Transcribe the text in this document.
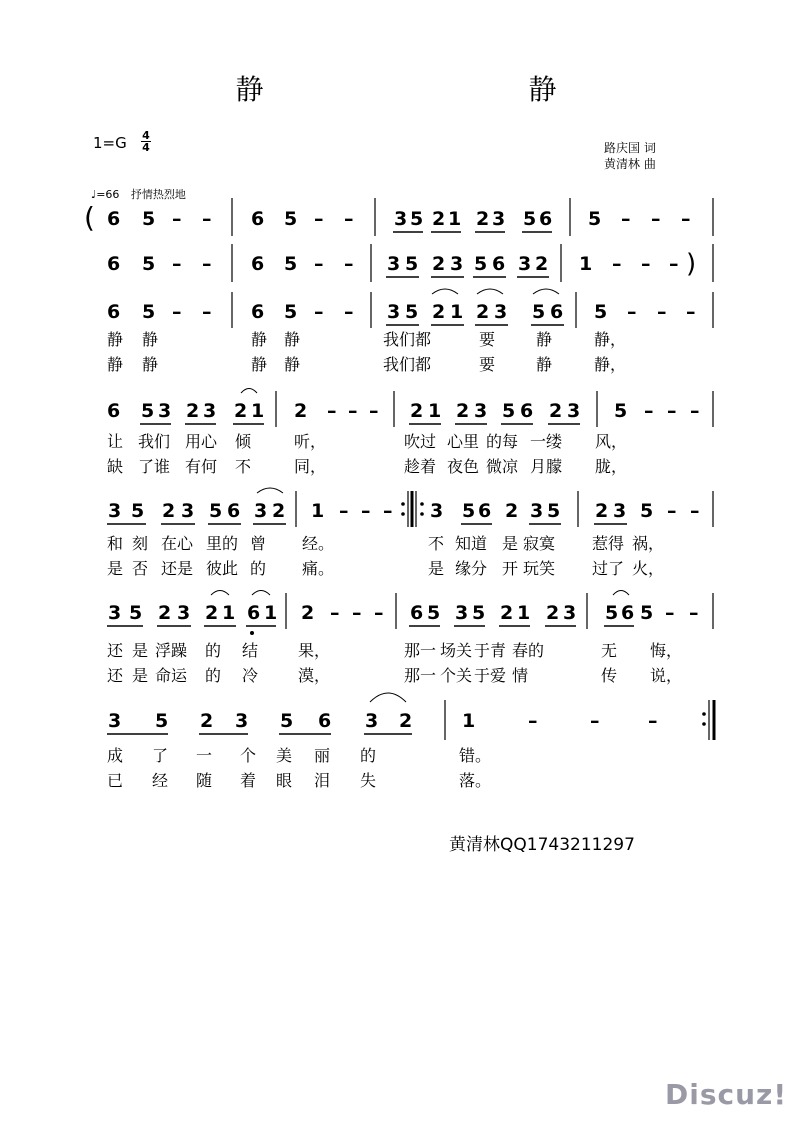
静 静
1=G 4
4	路庆国 词
黄清林 曲
♩=66 抒情热烈地
( 6 5 – – 6 5 – – 3 5 2 1 2 3 5 6 5 – – –
6 5 – – 6 5 – – 3 5 2 3 5 6 3 2 1 – – – )
6 5 – – 6 5 – – 3 5 2 1 2 3 5 6 5 – – –
6 5 3 2 3 2 1 2 – – – 2 1 2 3 5 6 2 3 5 – – –
3 5 2 3 5 6 3 2 1 – – – 3 5 6 2 3 5 2 3 5 – –
3 5 2 3 2 1 6 1 2 – – – 6 5 3 5 2 1 2 3 5 6 5 – –
3 5 2 3 5 6 3 2	1	–	–	–
静 静	静 静	我们都	要	静	静，
静 静	静 静	我们都	要	静	静，
让 我们 用心 倾	听，	吹过 心里 的每 一缕 风，
缺 了谁 有何 不	同，	趁着 夜色 微凉 月朦 胧，
和 刻 在心 里的 曾 经。	不 知道 是 寂寞 惹得 祸，
是 否 还是 彼此 的 痛。	是 缘分 开 玩笑 过了 火，
还 是 浮躁 的 结 果，	那一 场关 于青 春的	无 悔，
还 是 命运 的 冷 漠，	那一 个关 于爱 情	传 说，
成 了 一 个 美 丽 的	错。
已 经 随 着 眼 泪 失	落。
黄清林QQ1743211297
Discuz!
